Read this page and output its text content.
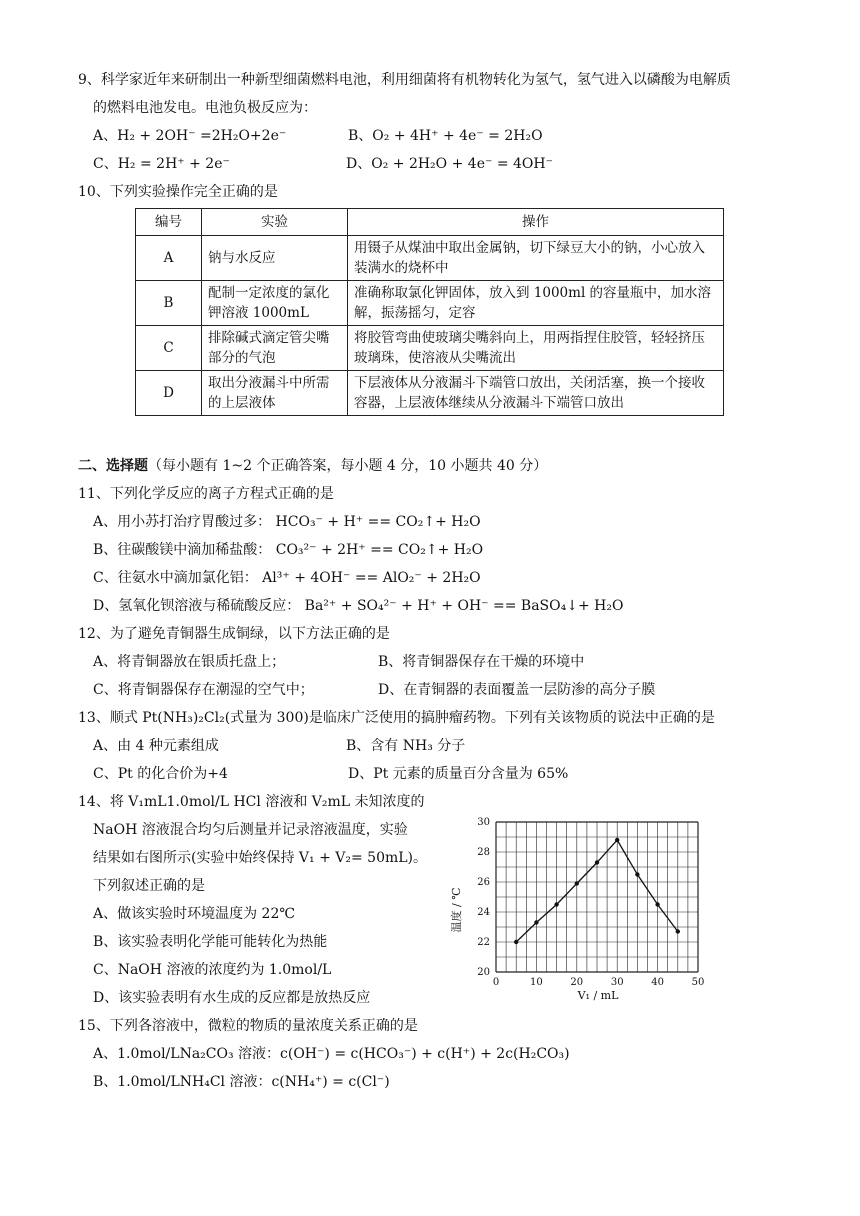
9、科学家近年来研制出一种新型细菌燃料电池，利用细菌将有机物转化为氢气，氢气进入以磷酸为电解质
的燃料电池发电。电池负极反应为：
A、H₂ + 2OH⁻ =2H₂O+2e⁻	B、O₂ + 4H⁺ + 4e⁻ = 2H₂O
C、H₂ = 2H⁺ + 2e⁻	D、O₂ + 2H₂O + 4e⁻ = 4OH⁻
10、下列实验操作完全正确的是
编号	实验	操作
A	钠与水反应	用镊子从煤油中取出金属钠，切下绿豆大小的钠，小心放入装满水的烧杯中
B	配制一定浓度的氯化钾溶液 1000mL	准确称取氯化钾固体，放入到 1000ml 的容量瓶中，加水溶解，振荡摇匀，定容
C	排除碱式滴定管尖嘴部分的气泡	将胶管弯曲使玻璃尖嘴斜向上，用两指捏住胶管，轻轻挤压玻璃珠，使溶液从尖嘴流出
D	取出分液漏斗中所需的上层液体	下层液体从分液漏斗下端管口放出，关闭活塞，换一个接收容器，上层液体继续从分液漏斗下端管口放出
二、选择题（每小题有 1~2 个正确答案，每小题 4 分，10 小题共 40 分）
11、下列化学反应的离子方程式正确的是
A、用小苏打治疗胃酸过多： HCO₃⁻ + H⁺ == CO₂↑+ H₂O
B、往碳酸镁中滴加稀盐酸： CO₃²⁻ + 2H⁺ == CO₂↑+ H₂O
C、往氨水中滴加氯化铝： Al³⁺ + 4OH⁻ == AlO₂⁻ + 2H₂O
D、氢氧化钡溶液与稀硫酸反应： Ba²⁺ + SO₄²⁻ + H⁺ + OH⁻ == BaSO₄↓+ H₂O
12、为了避免青铜器生成铜绿，以下方法正确的是
A、将青铜器放在银质托盘上；	B、将青铜器保存在干燥的环境中
C、将青铜器保存在潮湿的空气中；	D、在青铜器的表面覆盖一层防渗的高分子膜
13、顺式 Pt(NH₃)₂Cl₂(式量为 300)是临床广泛使用的搞肿瘤药物。下列有关该物质的说法中正确的是
A、由 4 种元素组成	B、含有 NH₃ 分子
C、Pt 的化合价为+4	D、Pt 元素的质量百分含量为 65%
14、将 V₁mL1.0mol/L HCl 溶液和 V₂mL 未知浓度的
NaOH 溶液混合均匀后测量并记录溶液温度，实验
结果如右图所示(实验中始终保持 V₁ + V₂= 50mL)。
下列叙述正确的是
A、做该实验时环境温度为 22℃
B、该实验表明化学能可能转化为热能
C、NaOH 溶液的浓度约为 1.0mol/L
D、该实验表明有水生成的反应都是放热反应
0	10	20	30	40	50
20
22
24
26
28
30
V₁ / mL
温度 / ℃
15、下列各溶液中，微粒的物质的量浓度关系正确的是
A、1.0mol/LNa₂CO₃ 溶液：c(OH⁻) = c(HCO₃⁻) + c(H⁺) + 2c(H₂CO₃)
B、1.0mol/LNH₄Cl 溶液：c(NH₄⁺) = c(Cl⁻)
